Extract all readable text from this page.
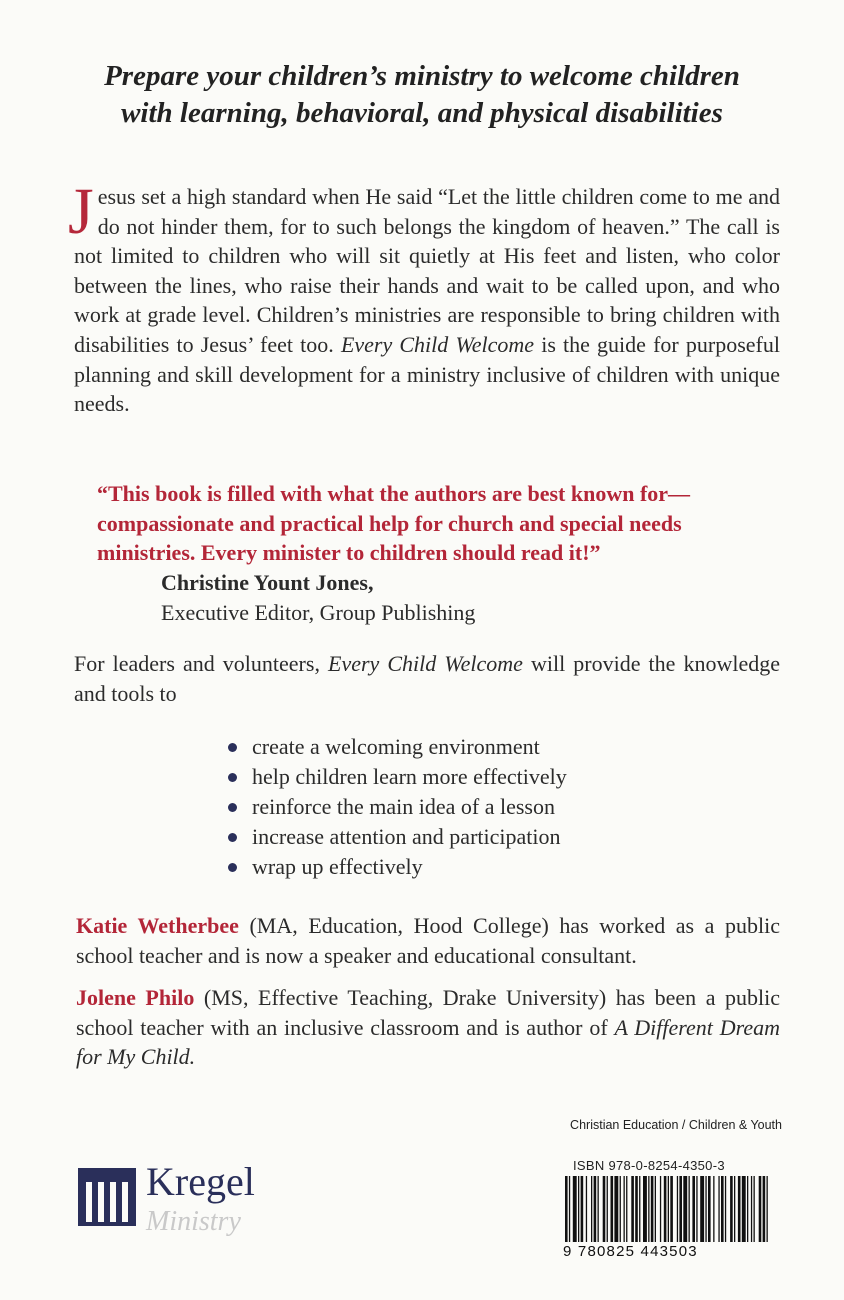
Prepare your children’s ministry to welcome children
with learning, behavioral, and physical disabilities
Jesus set a high standard when He said “Let the little children come to me and do not hinder them, for to such belongs the kingdom of heaven.” The call is not limited to children who will sit quietly at His feet and listen, who color between the lines, who raise their hands and wait to be called upon, and who work at grade level. Children’s ministries are responsible to bring children with disabilities to Jesus’ feet too. Every Child Welcome is the guide for purposeful planning and skill development for a ministry inclusive of children with unique needs.
“This book is filled with what the authors are best known for—compassionate and practical help for church and special needs ministries. Every minister to children should read it!”
Christine Yount Jones,
Executive Editor, Group Publishing
For leaders and volunteers, Every Child Welcome will provide the knowledge and tools to
create a welcoming environment
help children learn more effectively
reinforce the main idea of a lesson
increase attention and participation
wrap up effectively
Katie Wetherbee (MA, Education, Hood College) has worked as a public school teacher and is now a speaker and educational consultant.
Jolene Philo (MS, Effective Teaching, Drake University) has been a public school teacher with an inclusive classroom and is author of A Different Dream for My Child.
Christian Education / Children & Youth
ISBN 978-0-8254-4350-3
9 780825 443503
Kregel
Ministry
